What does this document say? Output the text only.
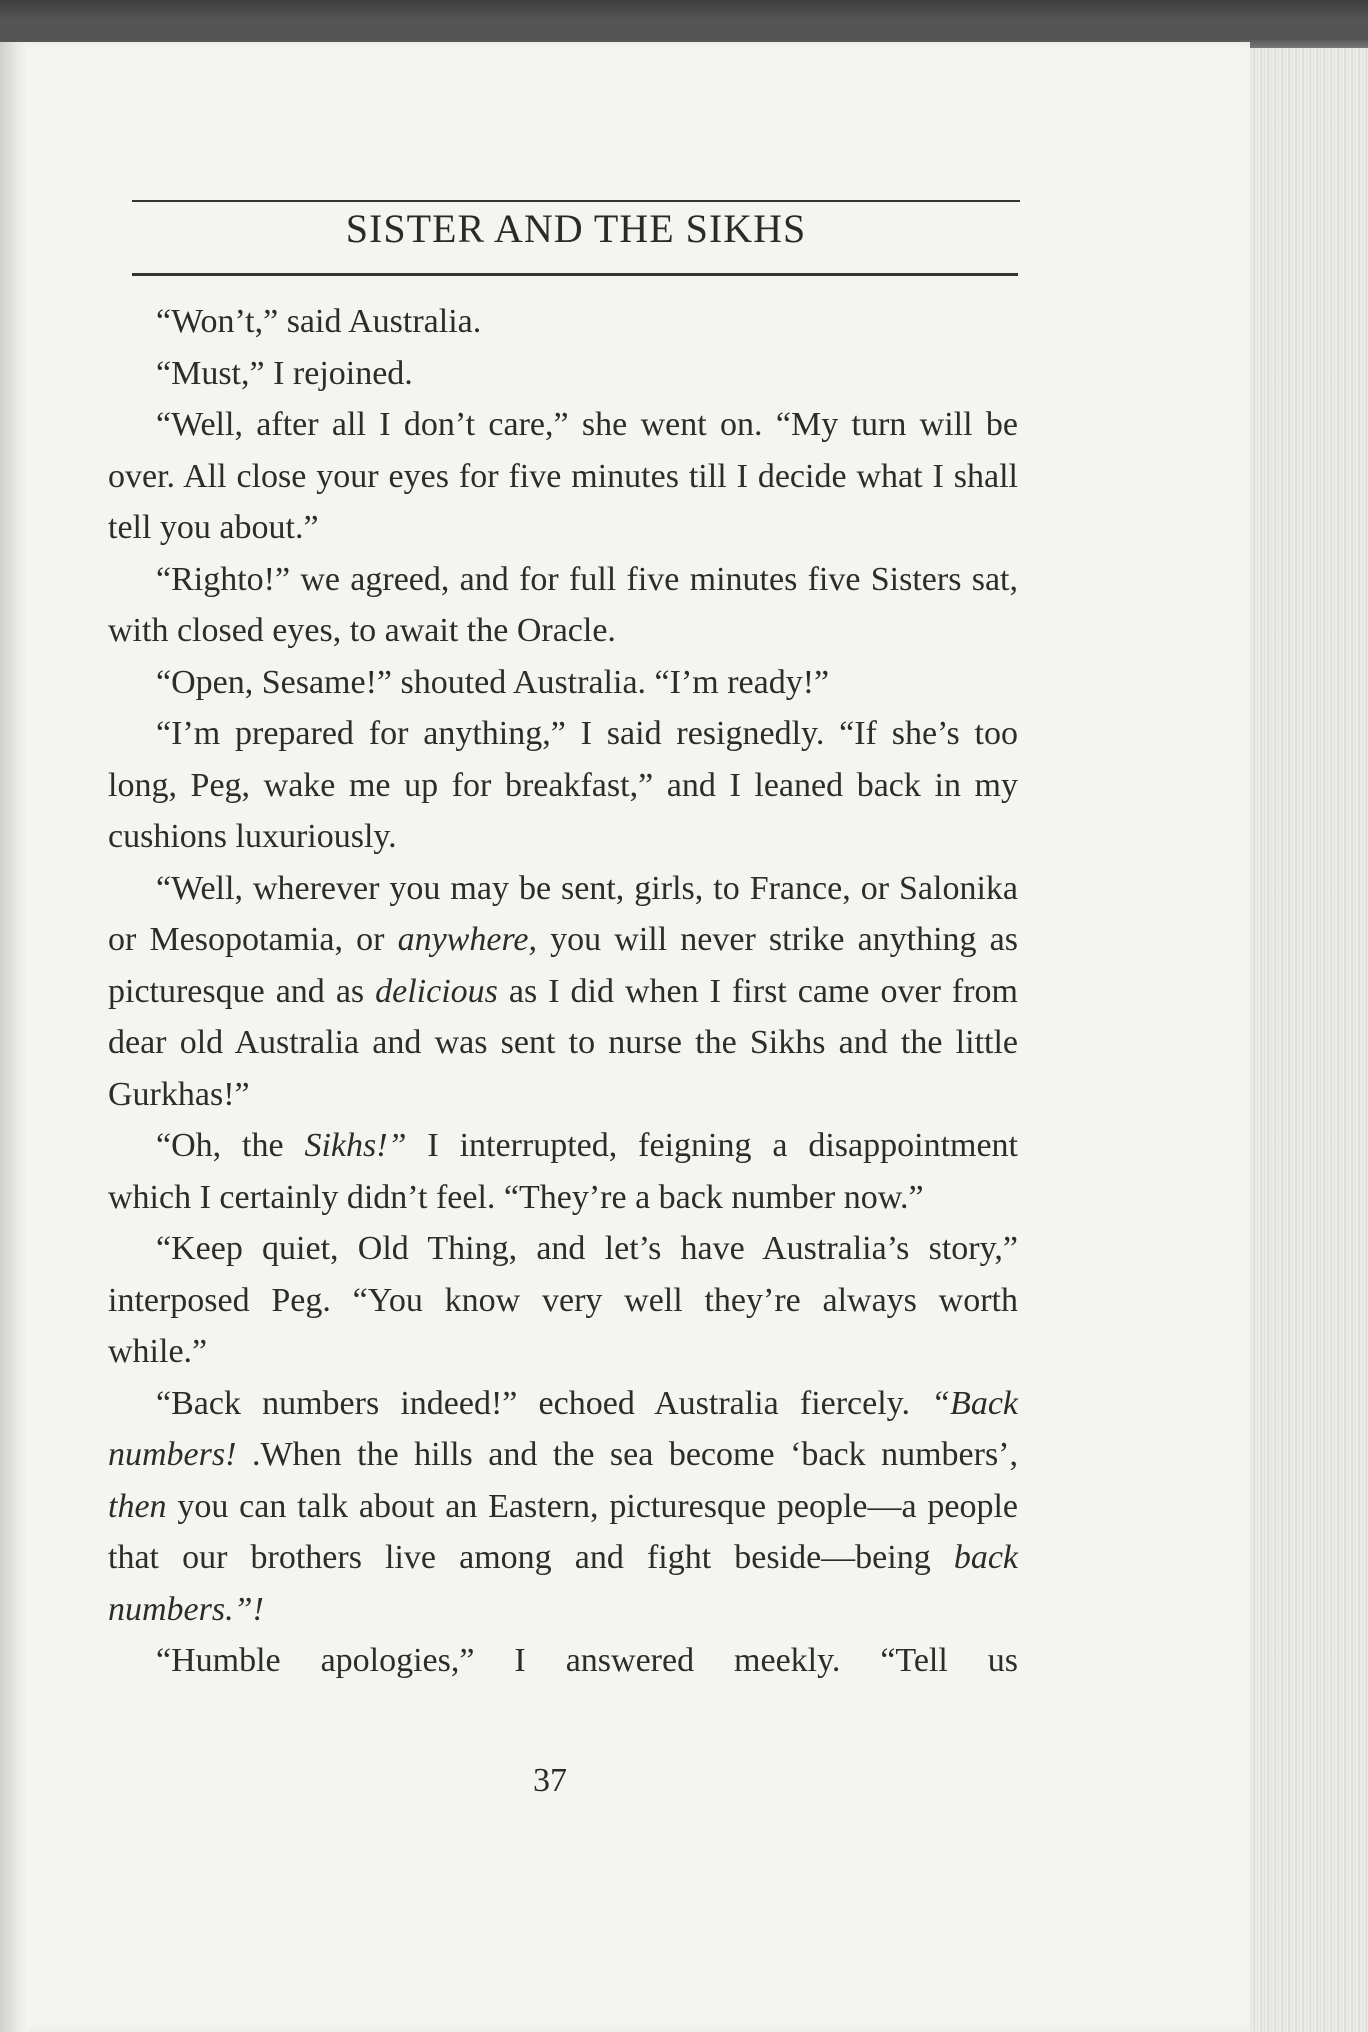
SISTER AND THE SIKHS

“Won’t,” said Australia.

“Must,” I rejoined.

“Well, after all I don’t care,” she went on. “My turn will be over. All close your eyes for five minutes till I decide what I shall tell you about.”

“Rightо!” we agreed, and for full five minutes five Sisters sat, with closed eyes, to await the Oracle.

“Open, Sesame!” shouted Australia. “I’m ready!”

“I’m prepared for anything,” I said resignedly. “If she’s too long, Peg, wake me up for breakfast,” and I leaned back in my cushions luxuriously.

“Well, wherever you may be sent, girls, to France, or Salonika or Mesopotamia, or anywhere, you will never strike anything as picturesque and as delicious as I did when I first came over from dear old Australia and was sent to nurse the Sikhs and the little Gurkhas!”

“Oh, the Sikhs!” I interrupted, feigning a disappointment which I certainly didn’t feel. “They’re a back number now.”

“Keep quiet, Old Thing, and let’s have Australia’s story,” interposed Peg. “You know very well they’re always worth while.”

“Back numbers indeed!” echoed Australia fiercely. “Back numbers! .When the hills and the sea become ‘back numbers’, then you can talk about an Eastern, picturesque people—a people that our brothers live among and fight beside—being back numbers.”!

“Humble apologies,” I answered meekly. “Tell us

37
